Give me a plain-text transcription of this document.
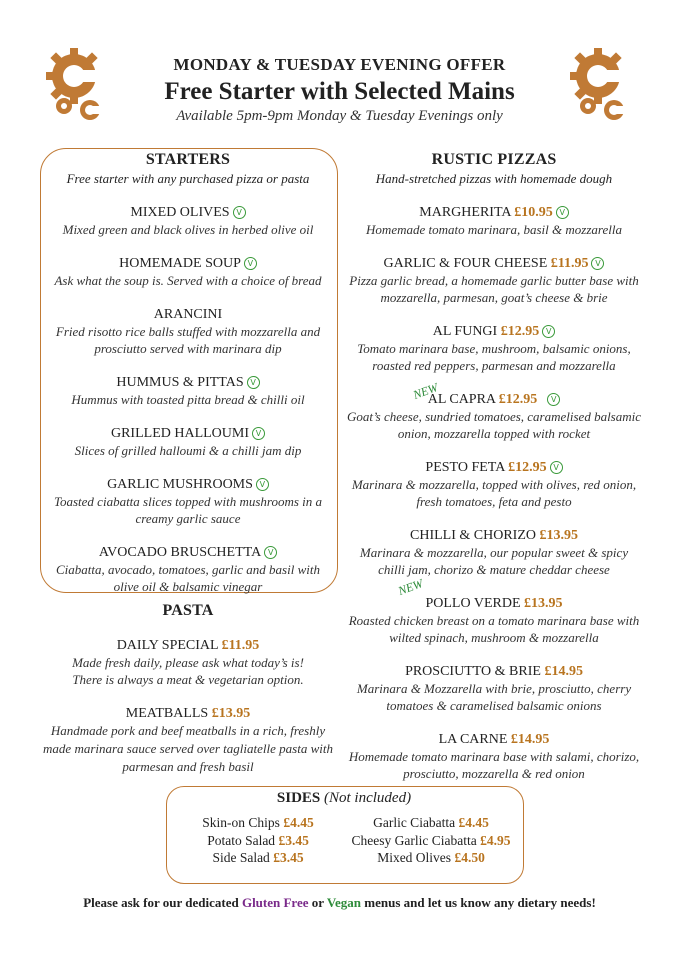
MONDAY & TUESDAY EVENING OFFER
Free Starter with Selected Mains
Available 5pm-9pm Monday & Tuesday Evenings only
STARTERS
Free starter with any purchased pizza or pasta
MIXED OLIVES V
Mixed green and black olives in herbed olive oil
HOMEMADE SOUP V
Ask what the soup is. Served with a choice of bread
ARANCINI
Fried risotto rice balls stuffed with mozzarella and prosciutto served with marinara dip
HUMMUS & PITTAS V
Hummus with toasted pitta bread & chilli oil
GRILLED HALLOUMI V
Slices of grilled halloumi & a chilli jam dip
GARLIC MUSHROOMS V
Toasted ciabatta slices topped with mushrooms in a creamy garlic sauce
AVOCADO BRUSCHETTA V
Ciabatta, avocado, tomatoes, garlic and basil with olive oil & balsamic vinegar
PASTA
DAILY SPECIAL £11.95
Made fresh daily, please ask what today’s is! There is always a meat & vegetarian option.
MEATBALLS £13.95
Handmade pork and beef meatballs in a rich, freshly made marinara sauce served over tagliatelle pasta with parmesan and fresh basil
RUSTIC PIZZAS
Hand-stretched pizzas with homemade dough
MARGHERITA £10.95 V
Homemade tomato marinara, basil & mozzarella
GARLIC & FOUR CHEESE £11.95 V
Pizza garlic bread, a homemade garlic butter base with mozzarella, parmesan, goat’s cheese & brie
AL FUNGI £12.95 V
Tomato marinara base, mushroom, balsamic onions, roasted red peppers, parmesan and mozzarella
AL CAPRA £12.95 V
Goat’s cheese, sundried tomatoes, caramelised balsamic onion, mozzarella topped with rocket
PESTO FETA £12.95 V
Marinara & mozzarella, topped with olives, red onion, fresh tomatoes, feta and pesto
CHILLI & CHORIZO £13.95
Marinara & mozzarella, our popular sweet & spicy chilli jam, chorizo & mature cheddar cheese
POLLO VERDE £13.95
Roasted chicken breast on a tomato marinara base with wilted spinach, mushroom & mozzarella
PROSCIUTTO & BRIE £14.95
Marinara & Mozzarella with brie, prosciutto, cherry tomatoes & caramelised balsamic onions
LA CARNE £14.95
Homemade tomato marinara base with salami, chorizo, prosciutto, mozzarella & red onion
NEW
NEW
SIDES (Not included)
Skin-on Chips £4.45
Potato Salad £3.45
Side Salad £3.45
Garlic Ciabatta £4.45
Cheesy Garlic Ciabatta £4.95
Mixed Olives £4.50
Please ask for our dedicated Gluten Free or Vegan menus and let us know any dietary needs!
